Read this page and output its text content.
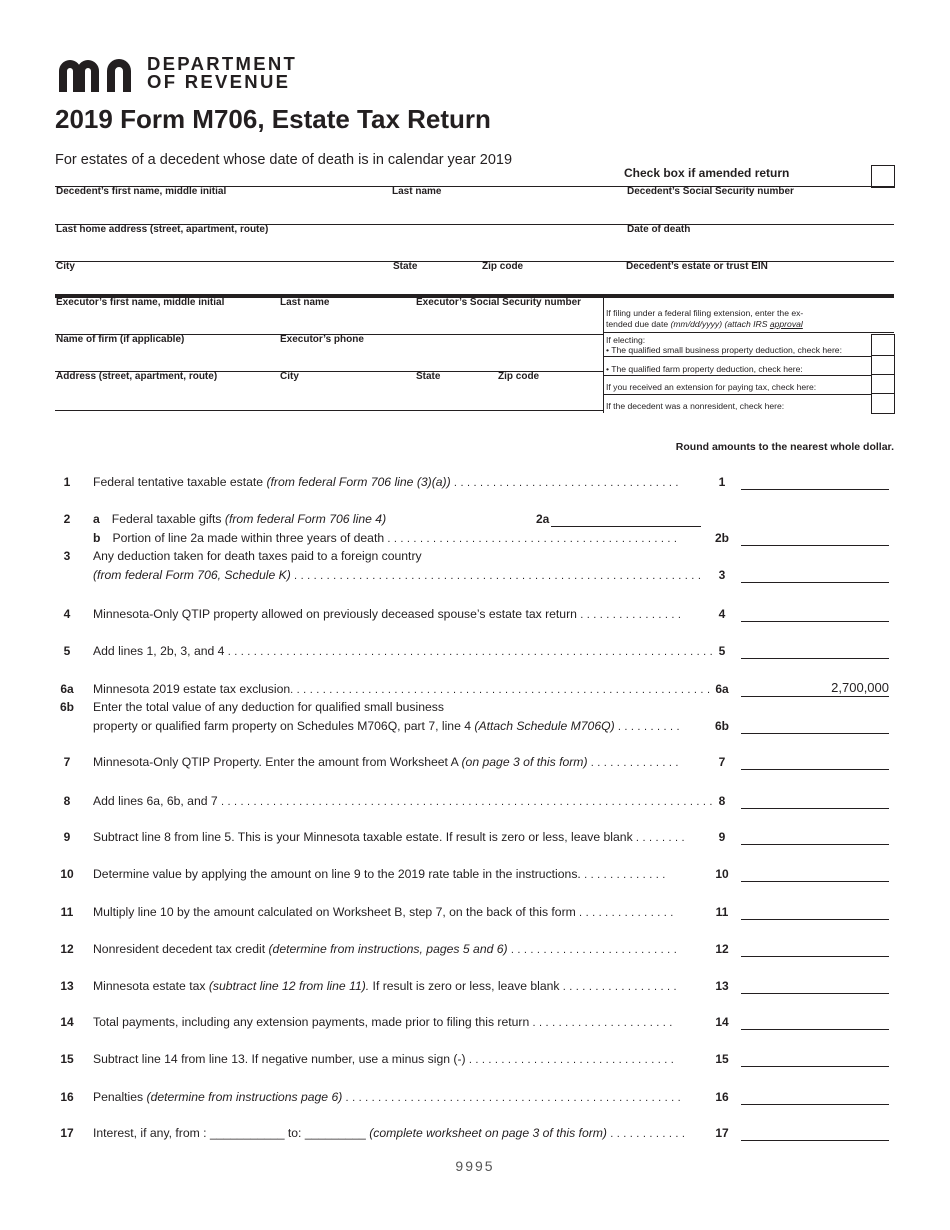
DEPARTMENT
OF REVENUE
2019 Form M706, Estate Tax Return
For estates of a decedent whose date of death is in calendar year 2019
Check box if amended return
Decedent’s first name, middle initial	Last name	Decedent’s Social Security number
Last home address (street, apartment, route)	Date of death
City	State	Zip code	Decedent’s estate or trust EIN
Executor’s first name, middle initial	Last name	Executor’s Social Security number
Name of firm (if applicable)	Executor’s phone
Address (street, apartment, route)	City	State	Zip code
If filing under a federal filing extension, enter the ex-
tended due date (mm/dd/yyyy) (attach IRS approval
If electing:
• The qualified small business property deduction, check here:
• The qualified farm property deduction, check here:
If you received an extension for paying tax, check here:
If the decedent was a nonresident, check here:
Round amounts to the nearest whole dollar.
1	Federal tentative taxable estate (from federal Form 706 line (3)(a)) . . . . . . . . . . . . . . . . . . . . . . . . . . . . . . . . . . .	1
2	a Federal taxable gifts (from federal Form 706 line 4)	2a
b Portion of line 2a made within three years of death . . . . . . . . . . . . . . . . . . . . . . . . . . . . . . . . . . . . . . . . . . . . .	2b
3	Any deduction taken for death taxes paid to a foreign country
(from federal Form 706, Schedule K) . . . . . . . . . . . . . . . . . . . . . . . . . . . . . . . . . . . . . . . . . . . . . . . . . . . . . . . . . . . . . . .	3
4	Minnesota-Only QTIP property allowed on previously deceased spouse’s estate tax return . . . . . . . . . . . . . . . .	4
5	Add lines 1, 2b, 3, and 4 . . . . . . . . . . . . . . . . . . . . . . . . . . . . . . . . . . . . . . . . . . . . . . . . . . . . . . . . . . . . . . . . . . . . . . . . . . . 5
6a	Minnesota 2019 estate tax exclusion. . . . . . . . . . . . . . . . . . . . . . . . . . . . . . . . . . . . . . . . . . . . . . . . . . . . . . . . . . . . . . . . . 6a	2,700,000
6b	Enter the total value of any deduction for qualified small business
property or qualified farm property on Schedules M706Q, part 7, line 4 (Attach Schedule M706Q) . . . . . . . . . .	6b
7	Minnesota-Only QTIP Property. Enter the amount from Worksheet A (on page 3 of this form) . . . . . . . . . . . . . .	7
8	Add lines 6a, 6b, and 7 . . . . . . . . . . . . . . . . . . . . . . . . . . . . . . . . . . . . . . . . . . . . . . . . . . . . . . . . . . . . . . . . . . . . . . . . . . . . 8
9	Subtract line 8 from line 5. This is your Minnesota taxable estate. If result is zero or less, leave blank . . . . . . . .	9
10	Determine value by applying the amount on line 9 to the 2019 rate table in the instructions. . . . . . . . . . . . . .	10
11	Multiply line 10 by the amount calculated on Worksheet B, step 7, on the back of this form . . . . . . . . . . . . . . .	11
12	Nonresident decedent tax credit (determine from instructions, pages 5 and 6) . . . . . . . . . . . . . . . . . . . . . . . . . .	12
13	Minnesota estate tax (subtract line 12 from line 11). If result is zero or less, leave blank . . . . . . . . . . . . . . . . . .	13
14	Total payments, including any extension payments, made prior to filing this return . . . . . . . . . . . . . . . . . . . . . .	14
15	Subtract line 14 from line 13. If negative number, use a minus sign (-) . . . . . . . . . . . . . . . . . . . . . . . . . . . . . . . .	15
16	Penalties (determine from instructions page 6) . . . . . . . . . . . . . . . . . . . . . . . . . . . . . . . . . . . . . . . . . . . . . . . . . . . .	16
17	Interest, if any, from : ___________ to: _________ (complete worksheet on page 3 of this form) . . . . . . . . . . . .	17
9995
